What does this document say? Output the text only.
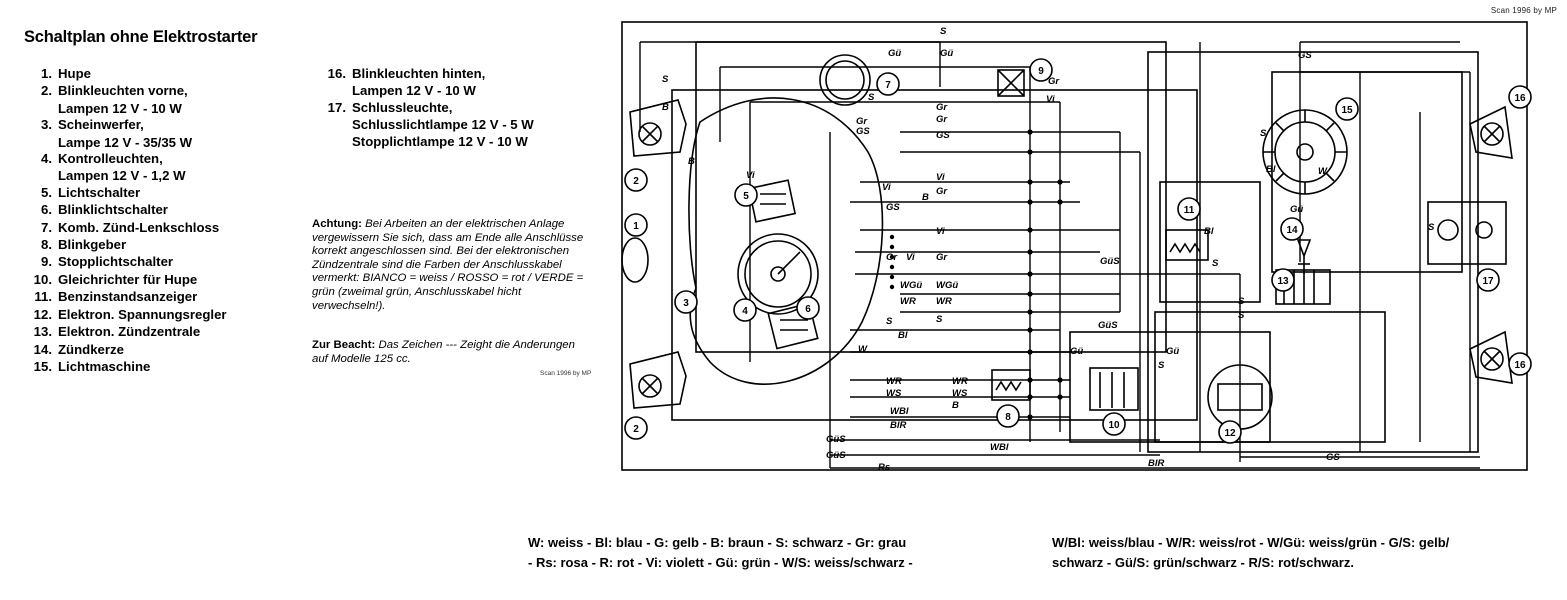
Scan 1996 by MP
Schaltplan ohne Elektrostarter
1. Hupe
2. Blinkleuchten vorne,
Lampen 12 V - 10 W
3. Scheinwerfer,
Lampe 12 V - 35/35 W
4. Kontrolleuchten,
Lampen 12 V - 1,2 W
5. Lichtschalter
6. Blinklichtschalter
7. Komb. Zünd-Lenkschloss
8. Blinkgeber
9. Stopplichtschalter
10. Gleichrichter für Hupe
11. Benzinstandsanzeiger
12. Elektron. Spannungsregler
13. Elektron. Zündzentrale
14. Zündkerze
15. Lichtmaschine
16. Blinkleuchten hinten,
Lampen 12 V - 10 W
17. Schlussleuchte,
Schlusslichtlampe 12 V - 5 W
Stopplichtlampe 12 V - 10 W
Achtung: Bei Arbeiten an der elektrischen Anlage vergewissern Sie sich, dass am Ende alle Anschlüsse korrekt angeschlossen sind. Bei der elektronischen Zündzentrale sind die Farben der Anschlusskabel vermerkt: BIANCO = weiss / ROSSO = rot / VERDE = grün (zweimal grün, Anschlusskabel hicht verwechseln!).
Zur Beacht: Das Zeichen --- Zeight die Anderungen auf Modelle 125 cc.
Scan 1996 by MP
W: weiss - Bl: blau - G: gelb - B: braun - S: schwarz - Gr: grau
- Rs: rosa - R: rot - Vi: violett - Gü: grün - W/S: weiss/schwarz -
W/Bl: weiss/blau - W/R: weiss/rot - W/Gü: weiss/grün - G/S: gelb/
schwarz - Gü/S: grün/schwarz - R/S: rot/schwarz.
1
2
2
3
4
5
6
7
8
9
10
11
12
13
14
15
16
16
17
S
S
Gü
Gü
B
B
S
Gr
GS
Gr
Gr
GS
Vi
Gr
B
Vi
Vi
GS
Vi
Gr Vi Gr	GüS
WGü WGü
WR WR
S	S
Bl
GüS
W
WR
WS
WR
WS
B
WBl
BlR
GüS
GüS
Rs
WBl
BlR
Gü	Gü
S
GS
S
S
S
S
Bl	W
Gü
Bl	S
GS
Gr
Vi
